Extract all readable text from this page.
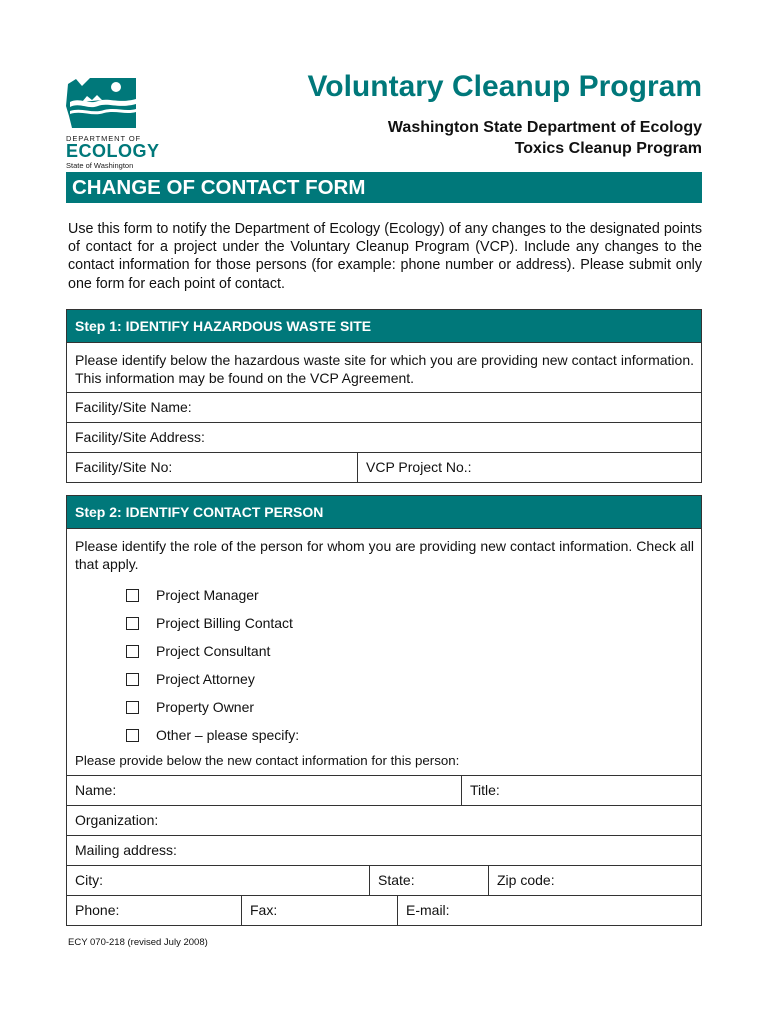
DEPARTMENT OF
ECOLOGY
State of Washington
Voluntary Cleanup Program
Washington State Department of Ecology
Toxics Cleanup Program
CHANGE OF CONTACT FORM
Use this form to notify the Department of Ecology (Ecology) of any changes to the designated points of contact for a project under the Voluntary Cleanup Program (VCP). Include any changes to the contact information for those persons (for example: phone number or address). Please submit only one form for each point of contact.
Step 1: IDENTIFY HAZARDOUS WASTE SITE
Please identify below the hazardous waste site for which you are providing new contact information. This information may be found on the VCP Agreement.
Facility/Site Name:
Facility/Site Address:
Facility/Site No:	VCP Project No.:
Step 2: IDENTIFY CONTACT PERSON
Please identify the role of the person for whom you are providing new contact information. Check all that apply.
Project Manager
Project Billing Contact
Project Consultant
Project Attorney
Property Owner
Other – please specify:
Please provide below the new contact information for this person:
Name:	Title:
Organization:
Mailing address:
City:	State:	Zip code:
Phone:	Fax:	E-mail:
ECY 070-218 (revised July 2008)
